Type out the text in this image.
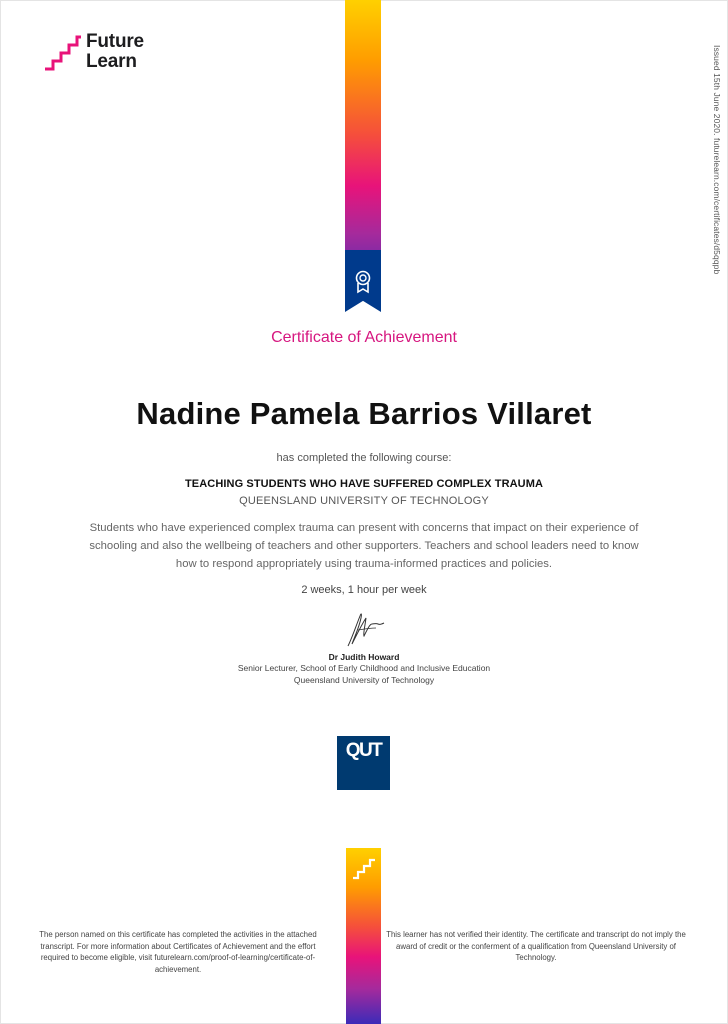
Future
Learn	Issued 15th June 2020. futurelearn.com/certificates/d5qqpb
Certificate of Achievement
Nadine Pamela Barrios Villaret
has completed the following course:
TEACHING STUDENTS WHO HAVE SUFFERED COMPLEX TRAUMA
QUEENSLAND UNIVERSITY OF TECHNOLOGY
Students who have experienced complex trauma can present with concerns that impact on their experience of schooling and also the wellbeing of teachers and other supporters. Teachers and school leaders need to know how to respond appropriately using trauma-informed practices and policies.
2 weeks, 1 hour per week
Dr Judith Howard
Senior Lecturer, School of Early Childhood and Inclusive Education
Queensland University of Technology
QUT
The person named on this certificate has completed the activities in the attached transcript. For more information about Certificates of Achievement and the effort required to become eligible, visit futurelearn.com/proof-of-learning/certificate-of-achievement.
This learner has not verified their identity. The certificate and transcript do not imply the award of credit or the conferment of a qualification from Queensland University of Technology.
